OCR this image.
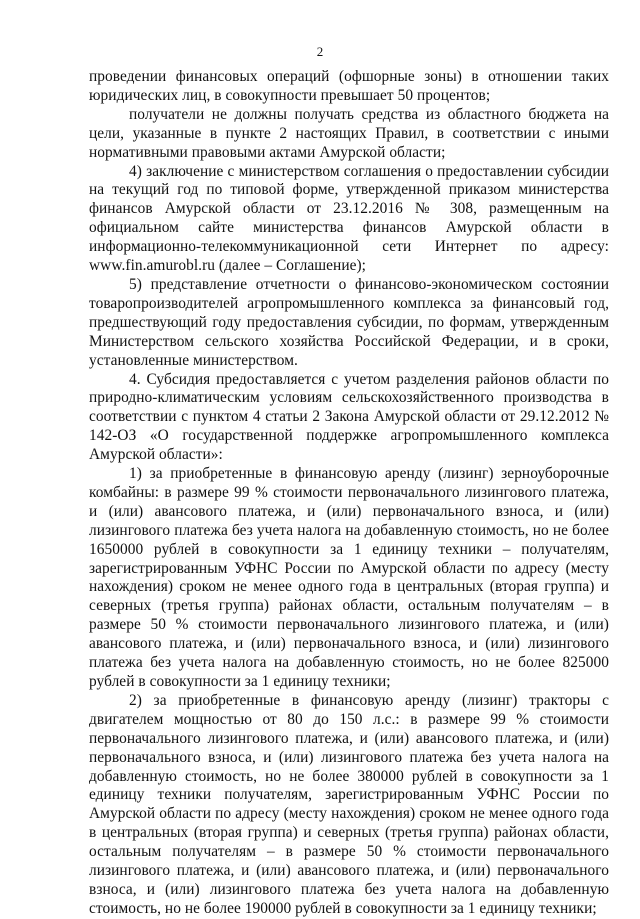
2

проведении финансовых операций (офшорные зоны) в отношении таких юридических лиц, в совокупности превышает 50 процентов;

получатели не должны получать средства из областного бюджета на цели, указанные в пункте 2 настоящих Правил, в соответствии с иными нормативными правовыми актами Амурской области;

4) заключение с министерством соглашения о предоставлении субсидии на текущий год по типовой форме, утвержденной приказом министерства финансов Амурской области от 23.12.2016 № 308, размещенным на официальном сайте министерства финансов Амурской области в информационно-телекоммуникационной сети Интернет по адресу: www.fin.amurobl.ru (далее – Соглашение);

5) представление отчетности о финансово-экономическом состоянии товаропроизводителей агропромышленного комплекса за финансовый год, предшествующий году предоставления субсидии, по формам, утвержденным Министерством сельского хозяйства Российской Федерации, и в сроки, установленные министерством.

4. Субсидия предоставляется с учетом разделения районов области по природно-климатическим условиям сельскохозяйственного производства в соответствии с пунктом 4 статьи 2 Закона Амурской области от 29.12.2012 № 142-ОЗ «О государственной поддержке агропромышленного комплекса Амурской области»:

1) за приобретенные в финансовую аренду (лизинг) зерноуборочные комбайны: в размере 99 % стоимости первоначального лизингового платежа, и (или) авансового платежа, и (или) первоначального взноса, и (или) лизингового платежа без учета налога на добавленную стоимость, но не более 1650000 рублей в совокупности за 1 единицу техники – получателям, зарегистрированным УФНС России по Амурской области по адресу (месту нахождения) сроком не менее одного года в центральных (вторая группа) и северных (третья группа) районах области, остальным получателям – в размере 50 % стоимости первоначального лизингового платежа, и (или) авансового платежа, и (или) первоначального взноса, и (или) лизингового платежа без учета налога на добавленную стоимость, но не более 825000 рублей в совокупности за 1 единицу техники;

2) за приобретенные в финансовую аренду (лизинг) тракторы с двигателем мощностью от 80 до 150 л.с.: в размере 99 % стоимости первоначального лизингового платежа, и (или) авансового платежа, и (или) первоначального взноса, и (или) лизингового платежа без учета налога на добавленную стоимость, но не более 380000 рублей в совокупности за 1 единицу техники получателям, зарегистрированным УФНС России по Амурской области по адресу (месту нахождения) сроком не менее одного года в центральных (вторая группа) и северных (третья группа) районах области, остальным получателям – в размере 50 % стоимости первоначального лизингового платежа, и (или) авансового платежа, и (или) первоначального взноса, и (или) лизингового платежа без учета налога на добавленную стоимость, но не более 190000 рублей в совокупности за 1 единицу техники;
